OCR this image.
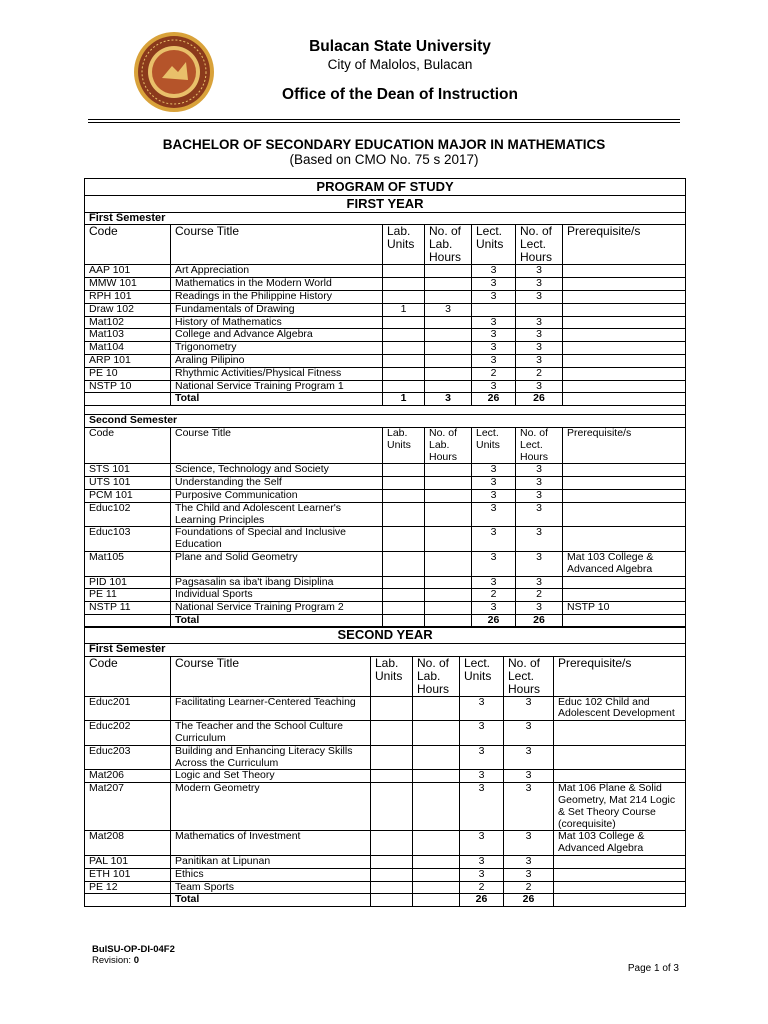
Bulacan State University
City of Malolos, Bulacan
Office of the Dean of Instruction
BACHELOR OF SECONDARY EDUCATION MAJOR IN MATHEMATICS
(Based on CMO No. 75 s 2017)
PROGRAM OF STUDY						
FIRST YEAR						
First Semester						
Code	Course Title	Lab. Units	No. of Lab. Hours	Lect. Units	No. of Lect. Hours	Prerequisite/s
AAP 101	Art Appreciation			3	3	
MMW 101	Mathematics in the Modern World			3	3	
RPH 101	Readings in the Philippine History			3	3	
Draw 102	Fundamentals of Drawing	1	3			
Mat102	History of Mathematics			3	3	
Mat103	College and Advance Algebra			3	3	
Mat104	Trigonometry			3	3	
ARP 101	Araling Pilipino			3	3	
PE 10	Rhythmic Activities/Physical Fitness			2	2	
NSTP 10	National Service Training Program 1			3	3	
	Total	1	3	26	26	

Second Semester						
Code	Course Title	Lab. Units	No. of Lab. Hours	Lect. Units	No. of Lect. Hours	Prerequisite/s
STS 101	Science, Technology and Society			3	3	
UTS 101	Understanding the Self			3	3	
PCM 101	Purposive Communication			3	3	
Educ102	The Child and Adolescent Learner's Learning Principles			3	3	
Educ103	Foundations of Special and Inclusive Education			3	3	
Mat105	Plane and Solid Geometry			3	3	Mat 103 College & Advanced Algebra
PID 101	Pagsasalin sa iba't ibang Disiplina			3	3	
PE 11	Individual Sports			2	2	
NSTP 11	National Service Training Program 2			3	3	NSTP 10
	Total			26	26	
SECOND YEAR						
First Semester						
Code	Course Title	Lab. Units	No. of Lab. Hours	Lect. Units	No. of Lect. Hours	Prerequisite/s
Educ201	Facilitating Learner-Centered Teaching			3	3	Educ 102 Child and Adolescent Development
Educ202	The Teacher and the School Culture Curriculum			3	3	
Educ203	Building and Enhancing Literacy Skills Across the Curriculum			3	3	
Mat206	Logic and Set Theory			3	3	
Mat207	Modern Geometry			3	3	Mat 106 Plane & Solid Geometry, Mat 214 Logic & Set Theory Course (corequisite)
Mat208	Mathematics of Investment			3	3	Mat 103 College & Advanced Algebra
PAL 101	Panitikan at Lipunan			3	3	
ETH 101	Ethics			3	3	
PE 12	Team Sports			2	2	
	Total			26	26	
BulSU-OP-DI-04F2
Revision: 0
Page 1 of 3
